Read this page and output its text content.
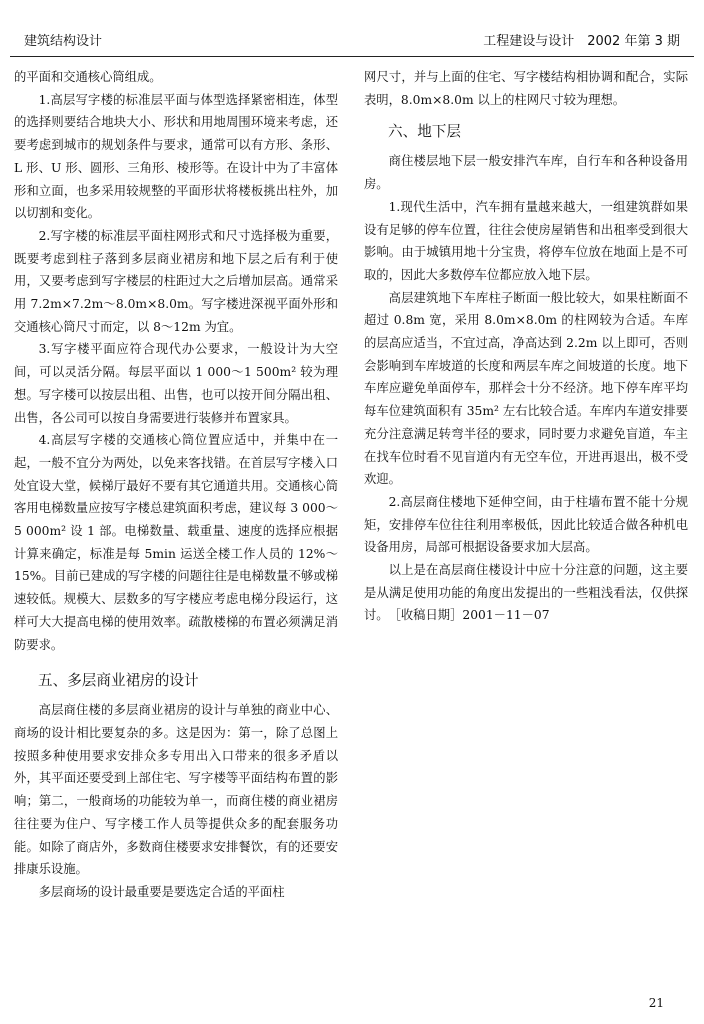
建筑结构设计	工程建设与设计　2002 年第 3 期

的平面和交通核心筒组成。

1.高层写字楼的标准层平面与体型选择紧密相连，体型的选择则要结合地块大小、形状和用地周围环境来考虑，还要考虑到城市的规划条件与要求，通常可以有方形、条形、L 形、U 形、圆形、三角形、棱形等。在设计中为了丰富体形和立面，也多采用较规整的平面形状将楼板挑出柱外，加以切割和变化。

2.写字楼的标准层平面柱网形式和尺寸选择极为重要，既要考虑到柱子落到多层商业裙房和地下层之后有利于使用，又要考虑到写字楼层的柱距过大之后增加层高。通常采用 7.2m×7.2m～8.0m×8.0m。写字楼进深视平面外形和交通核心筒尺寸而定，以 8～12m 为宜。

3.写字楼平面应符合现代办公要求，一般设计为大空间，可以灵活分隔。每层平面以 1 000～1 500m² 较为理想。写字楼可以按层出租、出售，也可以按开间分隔出租、出售，各公司可以按自身需要进行装修并布置家具。

4.高层写字楼的交通核心筒位置应适中，并集中在一起，一般不宜分为两处，以免来客找错。在首层写字楼入口处宜设大堂，候梯厅最好不要有其它通道共用。交通核心筒客用电梯数量应按写字楼总建筑面积考虑，建议每 3 000～5 000m² 设 1 部。电梯数量、载重量、速度的选择应根据计算来确定，标准是每 5min 运送全楼工作人员的 12%～15%。目前已建成的写字楼的问题往往是电梯数量不够或梯速较低。规模大、层数多的写字楼应考虑电梯分段运行，这样可大大提高电梯的使用效率。疏散楼梯的布置必须满足消防要求。

五、多层商业裙房的设计

高层商住楼的多层商业裙房的设计与单独的商业中心、商场的设计相比要复杂的多。这是因为：第一，除了总图上按照多种使用要求安排众多专用出入口带来的很多矛盾以外，其平面还要受到上部住宅、写字楼等平面结构布置的影响；第二，一般商场的功能较为单一，而商住楼的商业裙房往往要为住户、写字楼工作人员等提供众多的配套服务功能。如除了商店外，多数商住楼要求安排餐饮，有的还要安排康乐设施。

多层商场的设计最重要是要选定合适的平面柱

网尺寸，并与上面的住宅、写字楼结构相协调和配合，实际表明，8.0m×8.0m 以上的柱网尺寸较为理想。

六、地下层

商住楼层地下层一般安排汽车库，自行车和各种设备用房。

1.现代生活中，汽车拥有量越来越大，一组建筑群如果设有足够的停车位置，往往会使房屋销售和出租率受到很大影响。由于城镇用地十分宝贵，将停车位放在地面上是不可取的，因此大多数停车位都应放入地下层。

高层建筑地下车库柱子断面一般比较大，如果柱断面不超过 0.8m 宽，采用 8.0m×8.0m 的柱网较为合适。车库的层高应适当，不宜过高，净高达到 2.2m 以上即可，否则会影响到车库坡道的长度和两层车库之间坡道的长度。地下车库应避免单面停车，那样会十分不经济。地下停车库平均每车位建筑面积有 35m² 左右比较合适。车库内车道安排要充分注意满足转弯半径的要求，同时要力求避免盲道，车主在找车位时看不见盲道内有无空车位，开进再退出，极不受欢迎。

2.高层商住楼地下延伸空间，由于柱墙布置不能十分规矩，安排停车位往往利用率极低，因此比较适合做各种机电设备用房，局部可根据设备要求加大层高。

以上是在高层商住楼设计中应十分注意的问题，这主要是从满足使用功能的角度出发提出的一些粗浅看法，仅供探讨。　［收稿日期］2001－11－07

21
